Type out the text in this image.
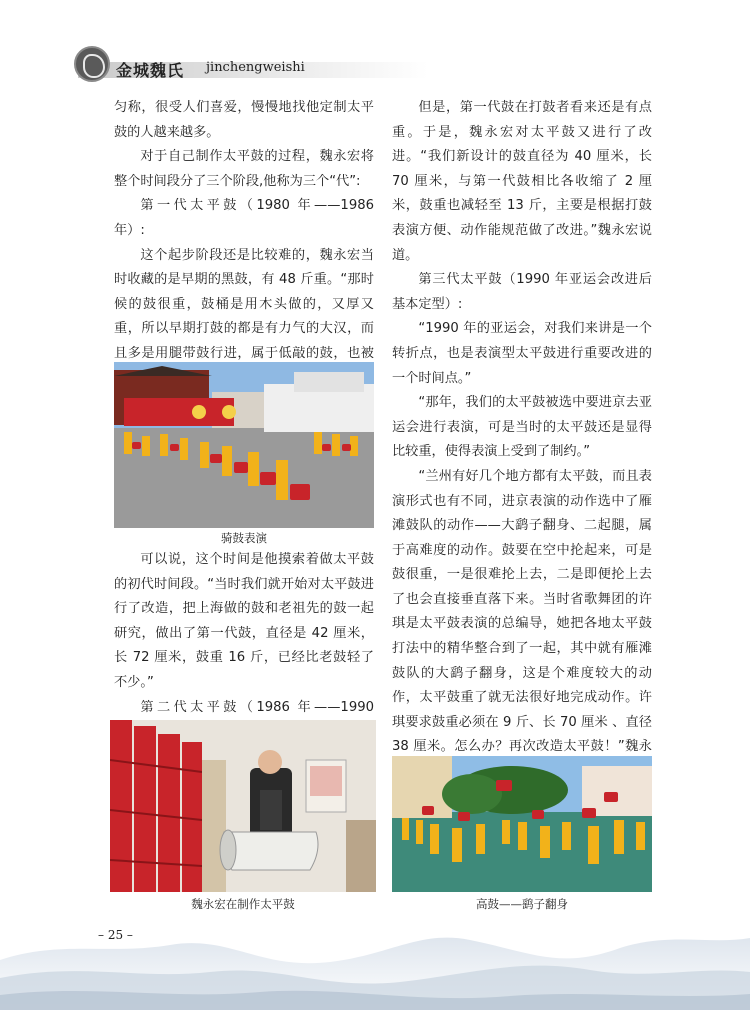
金城魏氏 jinchengweishi

匀称，很受人们喜爱，慢慢地找他定制太平鼓的人越来越多。

对于自己制作太平鼓的过程，魏永宏将整个时间段分了三个阶段,他称为三个“代”:

第一代太平鼓（1980 年——1986 年）:

这个起步阶段还是比较难的，魏永宏当时收藏的是早期的黑鼓，有 48 斤重。“那时候的鼓很重，鼓桶是用木头做的，又厚又重，所以早期打鼓的都是有力气的大汉，而且多是用腿带鼓行进，属于低敲的鼓，也被

骑鼓表演

可以说，这个时间是他摸索着做太平鼓的初代时间段。“当时我们就开始对太平鼓进行了改造，把上海做的鼓和老祖先的鼓一起研究，做出了第一代鼓，直径是 42 厘米，长 72 厘米，鼓重 16 斤，已经比老鼓轻了不少。”

第二代太平鼓（1986 年——1990

但是，第一代鼓在打鼓者看来还是有点重。于是，魏永宏对太平鼓又进行了改进。“我们新设计的鼓直径为 40 厘米，长 70 厘米，与第一代鼓相比各收缩了 2 厘米，鼓重也减轻至 13 斤，主要是根据打鼓表演方便、动作能规范做了改进。”魏永宏说道。

第三代太平鼓（1990 年亚运会改进后基本定型）:

“1990 年的亚运会，对我们来讲是一个转折点，也是表演型太平鼓进行重要改进的一个时间点。”

“那年，我们的太平鼓被选中要进京去亚运会进行表演，可是当时的太平鼓还是显得比较重，使得表演上受到了制约。”

“兰州有好几个地方都有太平鼓，而且表演形式也有不同，进京表演的动作选中了雁滩鼓队的动作——大鹞子翻身、二起腿，属于高难度的动作。鼓要在空中抡起来，可是鼓很重，一是很难抡上去，二是即便抡上去了也会直接垂直落下来。当时省歌舞团的许琪是太平鼓表演的总编导，她把各地太平鼓打法中的精华整合到了一起，其中就有雁滩鼓队的大鹞子翻身，这是个难度较大的动作，太平鼓重了就无法很好地完成动作。许琪要求鼓重必须在 9 斤、长 70 厘米 、直径 38 厘米。怎么办？再次改造太平鼓！”魏永

魏永宏在制作太平鼓	高鼓——鹞子翻身
– 25 –
